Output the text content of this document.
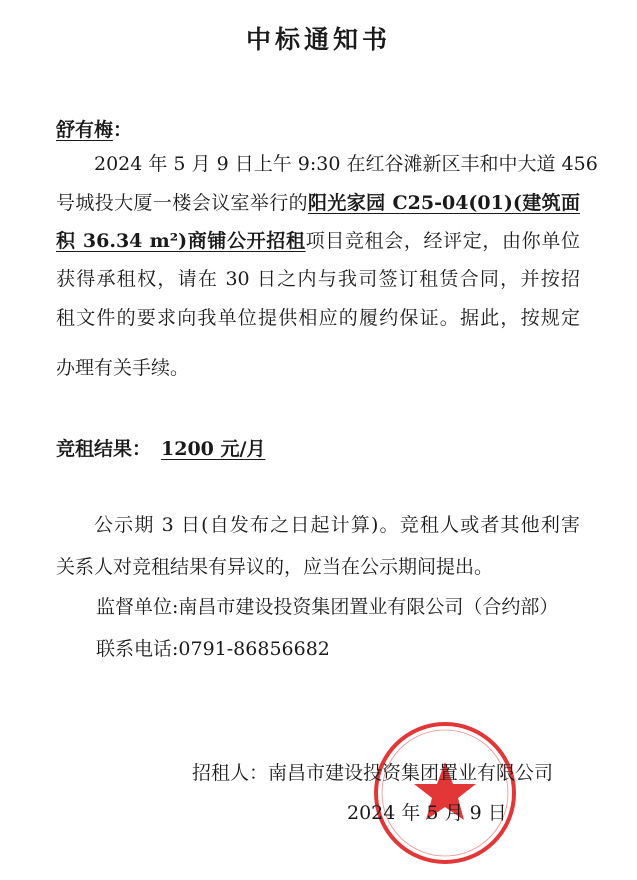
中标通知书
舒有梅：
2024 年 5 月 9 日上午 9:30 在红谷滩新区丰和中大道 456
号城投大厦一楼会议室举行的阳光家园 C25-04(01)(建筑面
积 36.34 m²)商铺公开招租项目竞租会，经评定，由你单位
获得承租权，请在 30 日之内与我司签订租赁合同，并按招
租文件的要求向我单位提供相应的履约保证。据此，按规定
办理有关手续。
竞租结果： 1200 元/月
公示期 3 日(自发布之日起计算)。竞租人或者其他利害
关系人对竞租结果有异议的，应当在公示期间提出。
监督单位:南昌市建设投资集团置业有限公司（合约部）
联系电话:0791-86856682
招租人：南昌市建设投资集团置业有限公司
2024 年 5 月 9 日
